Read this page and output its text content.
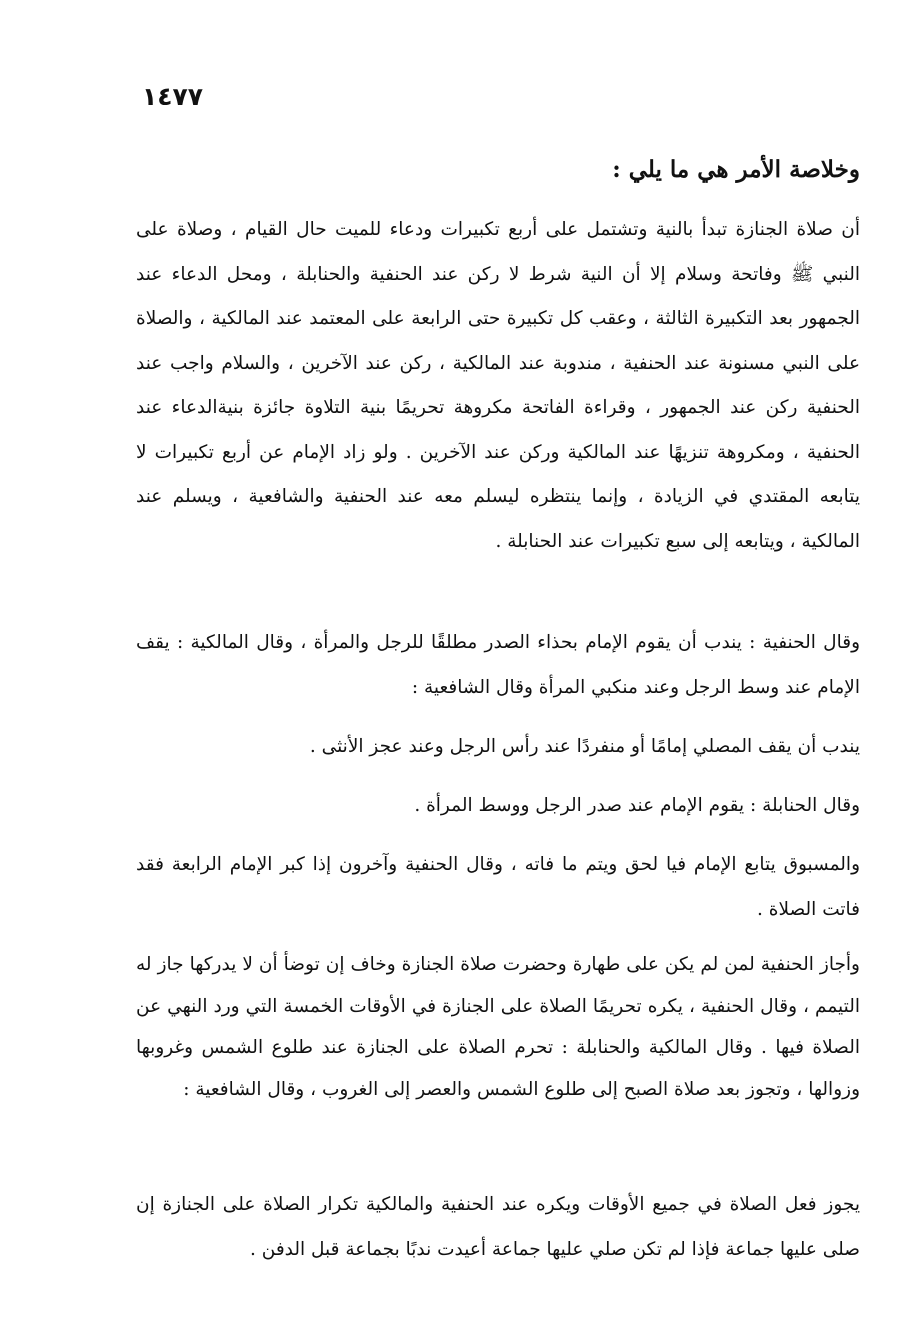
١٤٧٧

وخلاصة الأمر هي ما يلي :

أن صلاة الجنازة تبدأ بالنية وتشتمل على أربع تكبيرات ودعاء للميت حال القيام ، وصلاة على النبي ﷺ وفاتحة وسلام إلا أن النية شرط لا ركن عند الحنفية والحنابلة ، ومحل الدعاء عند الجمهور بعد التكبيرة الثالثة ، وعقب كل تكبيرة حتى الرابعة على المعتمد عند المالكية ، والصلاة على النبي مسنونة عند الحنفية ، مندوبة عند المالكية ، ركن عند الآخرين ، والسلام واجب عند الحنفية ركن عند الجمهور ، وقراءة الفاتحة مكروهة تحريمًا بنية التلاوة جائزة بنيةالدعاء عند الحنفية ، ومكروهة تنزيهًا عند المالكية وركن عند الآخرين . ولو زاد الإمام عن أربع تكبيرات لا يتابعه المقتدي في الزيادة ، وإنما ينتظره ليسلم معه عند الحنفية والشافعية ، ويسلم عند المالكية ، ويتابعه إلى سبع تكبيرات عند الحنابلة .

وقال الحنفية : يندب أن يقوم الإمام بحذاء الصدر مطلقًا للرجل والمرأة ، وقال المالكية : يقف الإمام عند وسط الرجل وعند منكبي المرأة وقال الشافعية :

يندب أن يقف المصلي إمامًا أو منفردًا عند رأس الرجل وعند عجز الأنثى .

وقال الحنابلة : يقوم الإمام عند صدر الرجل ووسط المرأة .

والمسبوق يتابع الإمام فيا لحق ويتم ما فاته ، وقال الحنفية وآخرون إذا كبر الإمام الرابعة فقد فاتت الصلاة .

وأجاز الحنفية لمن لم يكن على طهارة وحضرت صلاة الجنازة وخاف إن توضأ أن لا يدركها جاز له التيمم ، وقال الحنفية ، يكره تحريمًا الصلاة على الجنازة في الأوقات الخمسة التي ورد النهي عن الصلاة فيها . وقال المالكية والحنابلة : تحرم الصلاة على الجنازة عند طلوع الشمس وغروبها وزوالها ، وتجوز بعد صلاة الصبح إلى طلوع الشمس والعصر إلى الغروب ، وقال الشافعية :

يجوز فعل الصلاة في جميع الأوقات ويكره عند الحنفية والمالكية تكرار الصلاة على الجنازة إن صلى عليها جماعة فإذا لم تكن صلي عليها جماعة أعيدت ندبًا بجماعة قبل الدفن .
